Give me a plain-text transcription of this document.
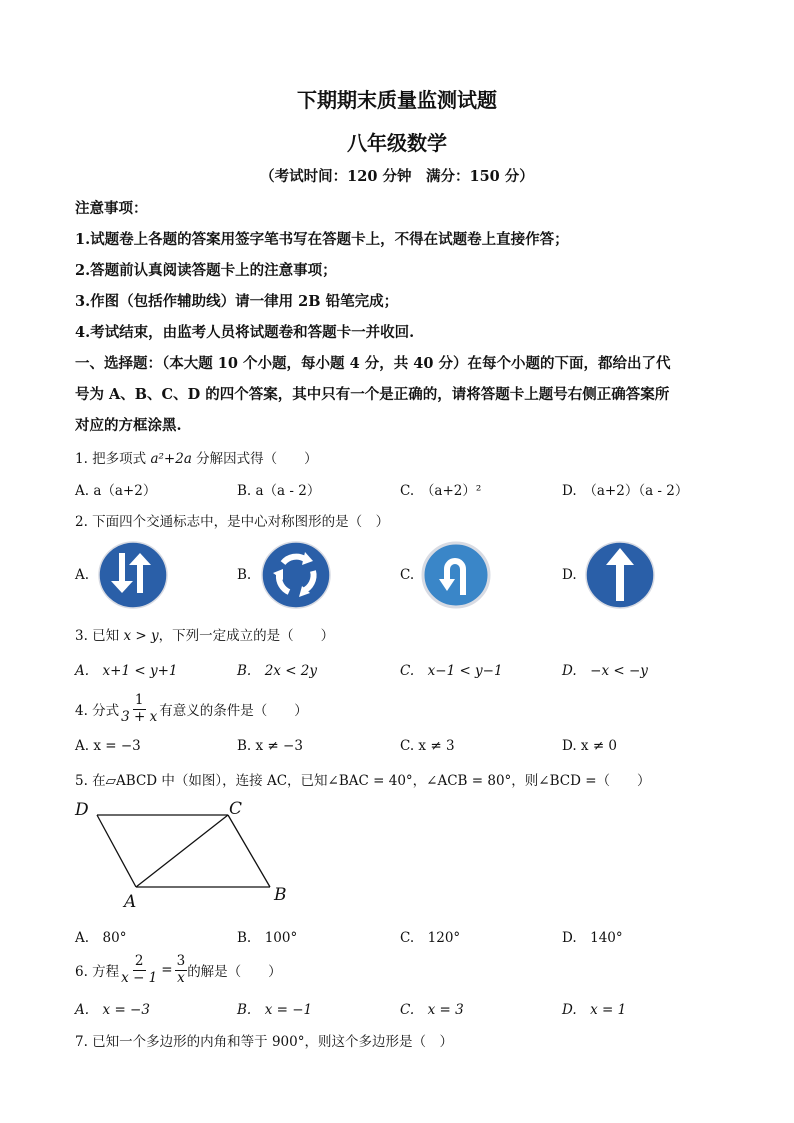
下期期末质量监测试题
八年级数学
（考试时间：120 分钟　满分：150 分）
注意事项：
1.试题卷上各题的答案用签字笔书写在答题卡上，不得在试题卷上直接作答；
2.答题前认真阅读答题卡上的注意事项；
3.作图（包括作辅助线）请一律用 2B 铅笔完成；
4.考试结束，由监考人员将试题卷和答题卡一并收回.
一、选择题：（本大题 10 个小题，每小题 4 分，共 40 分）在每个小题的下面，都给出了代
号为 A、B、C、D 的四个答案，其中只有一个是正确的，请将答题卡上题号右侧正确答案所
对应的方框涂黑.
1. 把多项式 a²+2a 分解因式得（　　）
A. a（a+2）	B. a（a - 2）	C.　（a+2）²	D.　（a+2）（a - 2）
2. 下面四个交通标志中，是中心对称图形的是（　）
A.	B.	C.	D.
3. 已知 x > y，下列一定成立的是（　　）
A.　x+1 < y+1	B.　2x < 2y	C.　x−1 < y−1	D.　−x < −y
4. 分式 $\frac{1}{3 + x}$ 有意义的条件是（　　）
A. x = −3	B. x ≠ −3	C. x ≠ 3	D. x ≠ 0
5. 在▱ABCD 中（如图），连接 AC，已知∠BAC = 40°，∠ACB = 80°，则∠BCD =（　　）
D	C
A	B
A.　80°	B.　100°	C.　120°	D.　140°
6. 方程 $\frac{2}{x - 1} = \frac{3}{x}$ 的解是（　　）
A.　x = −3	B.　x = −1	C.　x = 3	D.　x = 1
7. 已知一个多边形的内角和等于 900°，则这个多边形是（　）
